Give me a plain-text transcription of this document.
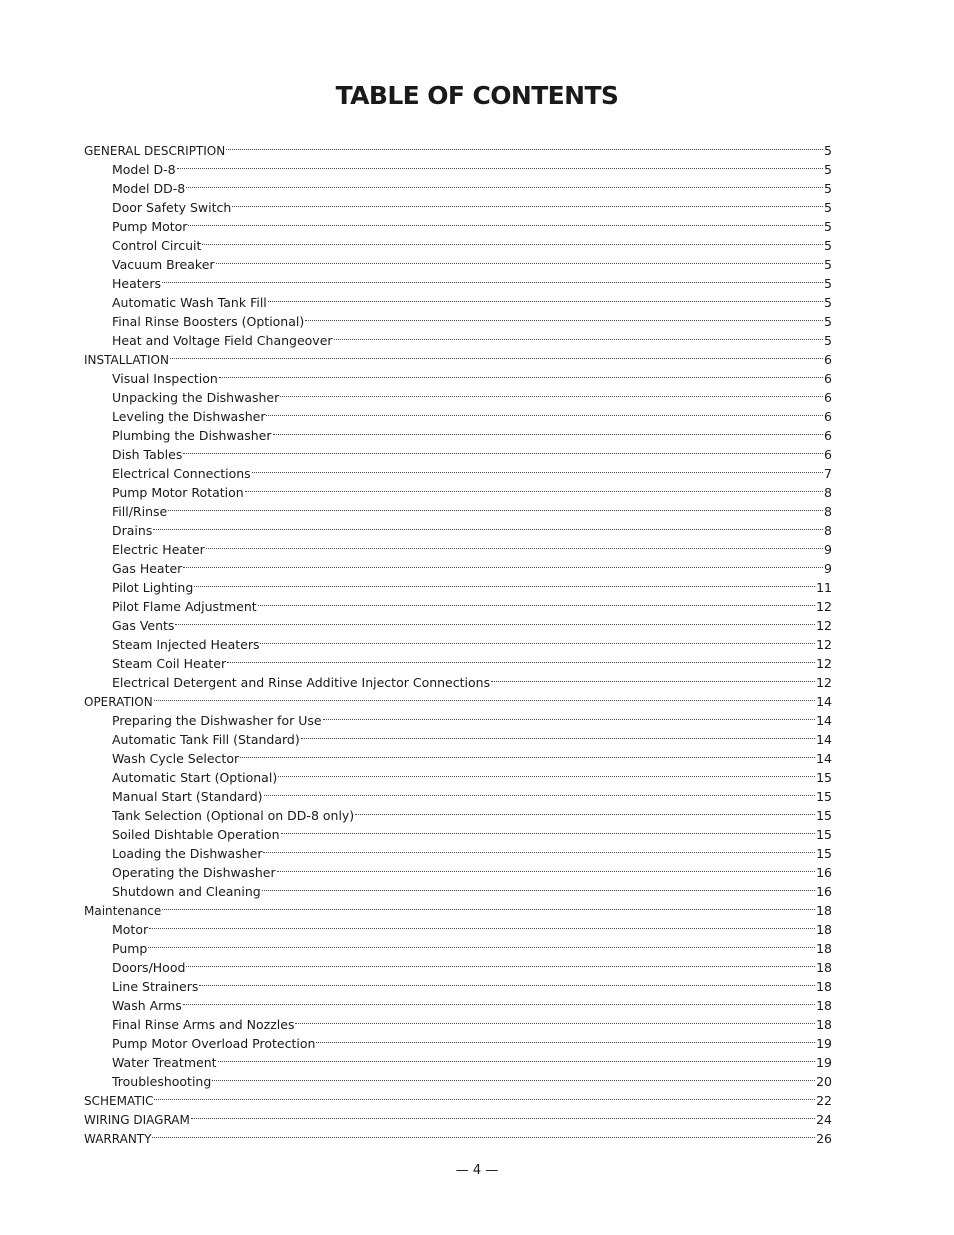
TABLE OF CONTENTS
GENERAL DESCRIPTION	5
Model D-8	5
Model DD-8	5
Door Safety Switch	5
Pump Motor	5
Control Circuit	5
Vacuum Breaker	5
Heaters	5
Automatic Wash Tank Fill	5
Final Rinse Boosters (Optional)	5
Heat and Voltage Field Changeover	5
INSTALLATION	6
Visual Inspection	6
Unpacking the Dishwasher	6
Leveling the Dishwasher	6
Plumbing the Dishwasher	6
Dish Tables	6
Electrical Connections	7
Pump Motor Rotation	8
Fill/Rinse	8
Drains	8
Electric Heater	9
Gas Heater	9
Pilot Lighting	11
Pilot Flame Adjustment	12
Gas Vents	12
Steam Injected Heaters	12
Steam Coil Heater	12
Electrical Detergent and Rinse Additive Injector Connections	12
OPERATION	14
Preparing the Dishwasher for Use	14
Automatic Tank Fill (Standard)	14
Wash Cycle Selector	14
Automatic Start (Optional)	15
Manual Start (Standard)	15
Tank Selection (Optional on DD-8 only)	15
Soiled Dishtable Operation	15
Loading the Dishwasher	15
Operating the Dishwasher	16
Shutdown and Cleaning	16
Maintenance	18
Motor	18
Pump	18
Doors/Hood	18
Line Strainers	18
Wash Arms	18
Final Rinse Arms and Nozzles	18
Pump Motor Overload Protection	19
Water Treatment	19
Troubleshooting	20
SCHEMATIC	22
WIRING DIAGRAM	24
WARRANTY	26
— 4 —
